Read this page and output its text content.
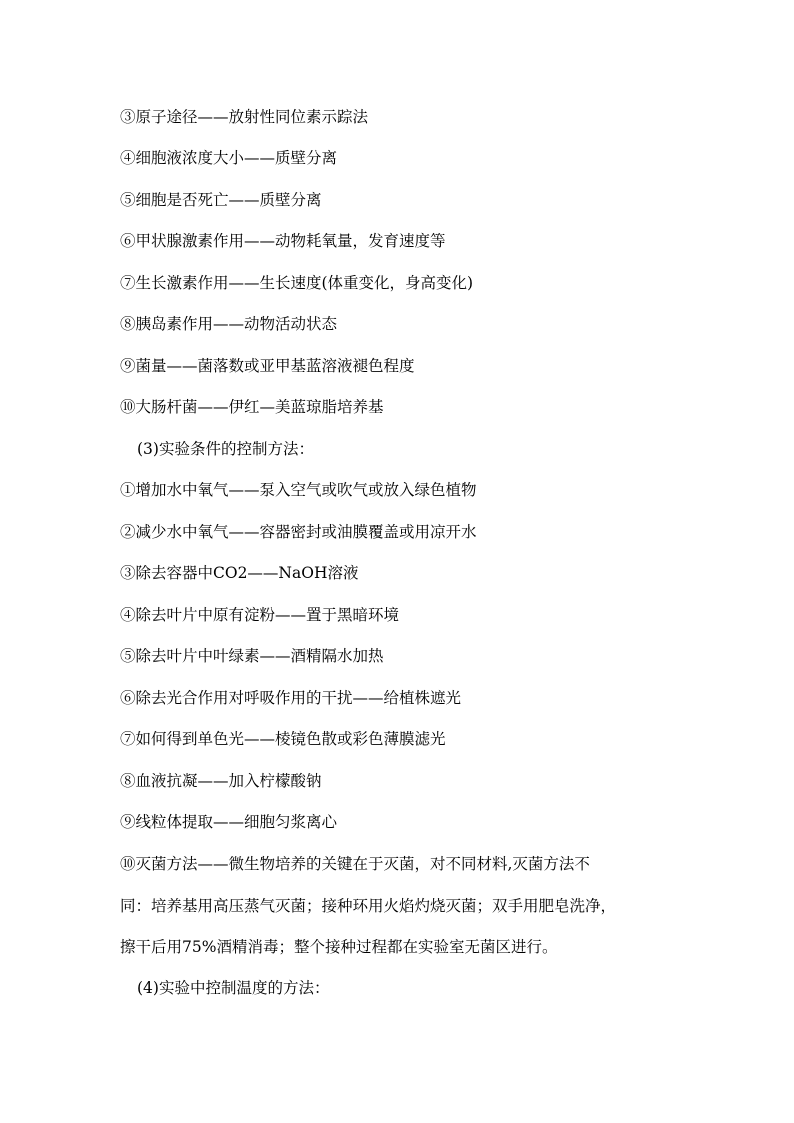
③原子途径——放射性同位素示踪法
④细胞液浓度大小——质壁分离
⑤细胞是否死亡——质壁分离
⑥甲状腺激素作用——动物耗氧量，发育速度等
⑦生长激素作用——生长速度(体重变化，身高变化)
⑧胰岛素作用——动物活动状态
⑨菌量——菌落数或亚甲基蓝溶液褪色程度
⑩大肠杆菌——伊红—美蓝琼脂培养基
(3)实验条件的控制方法：
①增加水中氧气——泵入空气或吹气或放入绿色植物
②减少水中氧气——容器密封或油膜覆盖或用凉开水
③除去容器中CO2——NaOH溶液
④除去叶片中原有淀粉——置于黑暗环境
⑤除去叶片中叶绿素——酒精隔水加热
⑥除去光合作用对呼吸作用的干扰——给植株遮光
⑦如何得到单色光——棱镜色散或彩色薄膜滤光
⑧血液抗凝——加入柠檬酸钠
⑨线粒体提取——细胞匀浆离心
⑩灭菌方法——微生物培养的关键在于灭菌，对不同材料,灭菌方法不
同：培养基用高压蒸气灭菌；接种环用火焰灼烧灭菌；双手用肥皂洗净，
擦干后用75%酒精消毒；整个接种过程都在实验室无菌区进行。
(4)实验中控制温度的方法：
